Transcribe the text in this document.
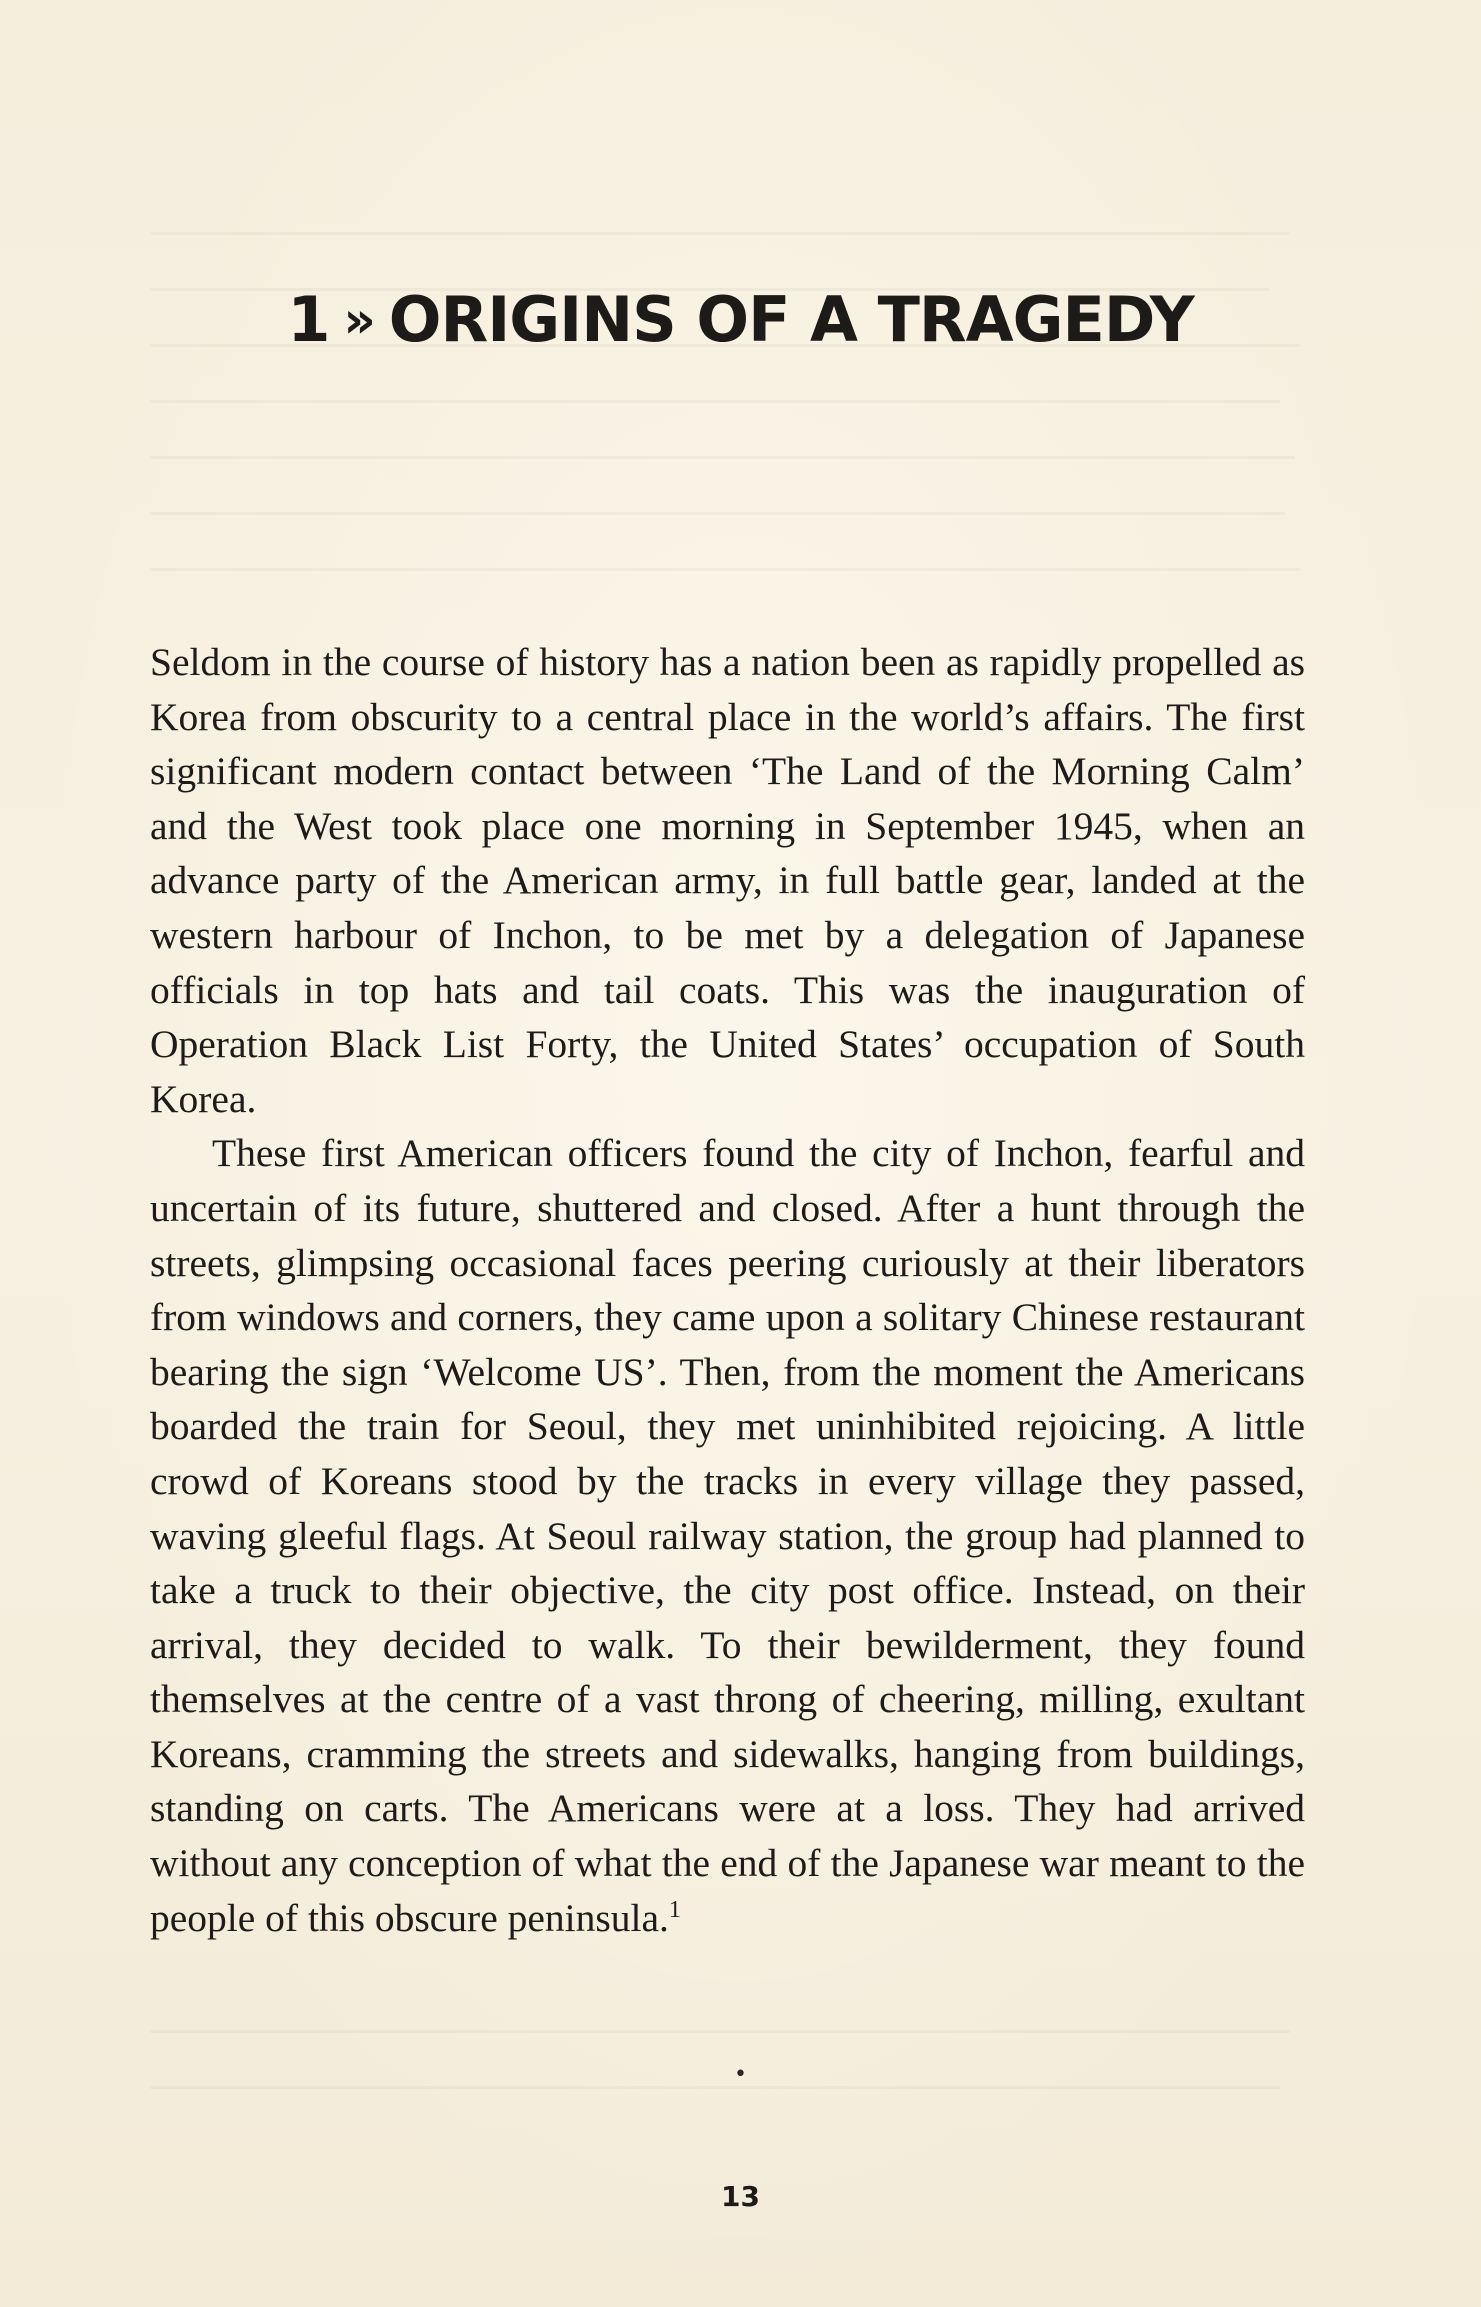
1 » ORIGINS OF A TRAGEDY

Seldom in the course of history has a nation been as rapidly propelled as Korea from obscurity to a central place in the world’s affairs. The first significant modern contact between ‘The Land of the Morning Calm’ and the West took place one morning in September 1945, when an advance party of the American army, in full battle gear, landed at the western harbour of Inchon, to be met by a delegation of Japanese officials in top hats and tail coats. This was the inauguration of Operation Black List Forty, the United States’ occupation of South Korea.

These first American officers found the city of Inchon, fearful and uncertain of its future, shuttered and closed. After a hunt through the streets, glimpsing occasional faces peering curiously at their liberators from windows and corners, they came upon a solitary Chinese restaurant bearing the sign ‘Welcome US’. Then, from the moment the Americans boarded the train for Seoul, they met uninhibited rejoicing. A little crowd of Koreans stood by the tracks in every village they passed, waving gleeful flags. At Seoul railway station, the group had planned to take a truck to their objective, the city post office. Instead, on their arrival, they decided to walk. To their bewilderment, they found themselves at the centre of a vast throng of cheering, milling, exultant Koreans, cramming the streets and sidewalks, hanging from buildings, standing on carts. The Americans were at a loss. They had arrived without any conception of what the end of the Japanese war meant to the people of this obscure peninsula.$^1$

•
13
